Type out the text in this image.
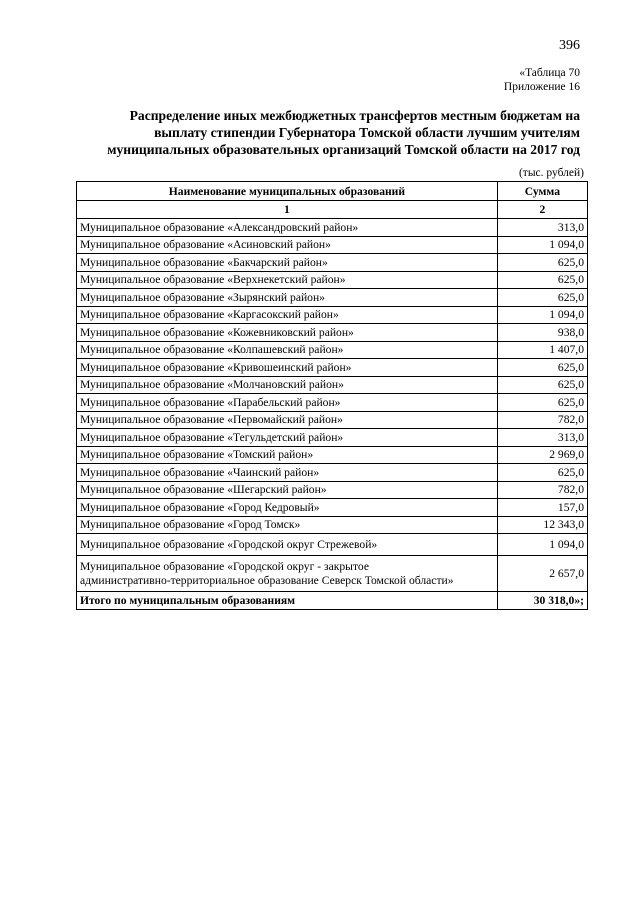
396
«Таблица 70
Приложение 16
Распределение иных межбюджетных трансфертов местным бюджетам на
выплату стипендии Губернатора Томской области лучшим учителям
муниципальных образовательных организаций Томской области на 2017 год
(тыс. рублей)
Наименование муниципальных образований	Сумма
1	2
Муниципальное образование «Александровский район»	313,0
Муниципальное образование «Асиновский район»	1 094,0
Муниципальное образование «Бакчарский район»	625,0
Муниципальное образование «Верхнекетский район»	625,0
Муниципальное образование «Зырянский район»	625,0
Муниципальное образование «Каргасокский район»	1 094,0
Муниципальное образование «Кожевниковский район»	938,0
Муниципальное образование «Колпашевский район»	1 407,0
Муниципальное образование «Кривошеинский район»	625,0
Муниципальное образование «Молчановский район»	625,0
Муниципальное образование «Парабельский район»	625,0
Муниципальное образование «Первомайский район»	782,0
Муниципальное образование «Тегульдетский район»	313,0
Муниципальное образование «Томский район»	2 969,0
Муниципальное образование «Чаинский район»	625,0
Муниципальное образование «Шегарский район»	782,0
Муниципальное образование «Город Кедровый»	157,0
Муниципальное образование «Город Томск»	12 343,0
Муниципальное образование «Городской округ Стрежевой»	1 094,0

Муниципальное образование «Городской округ - закрытое
административно-территориальное образование Северск Томской области»	2 657,0
Итого по муниципальным образованиям	30 318,0»;
